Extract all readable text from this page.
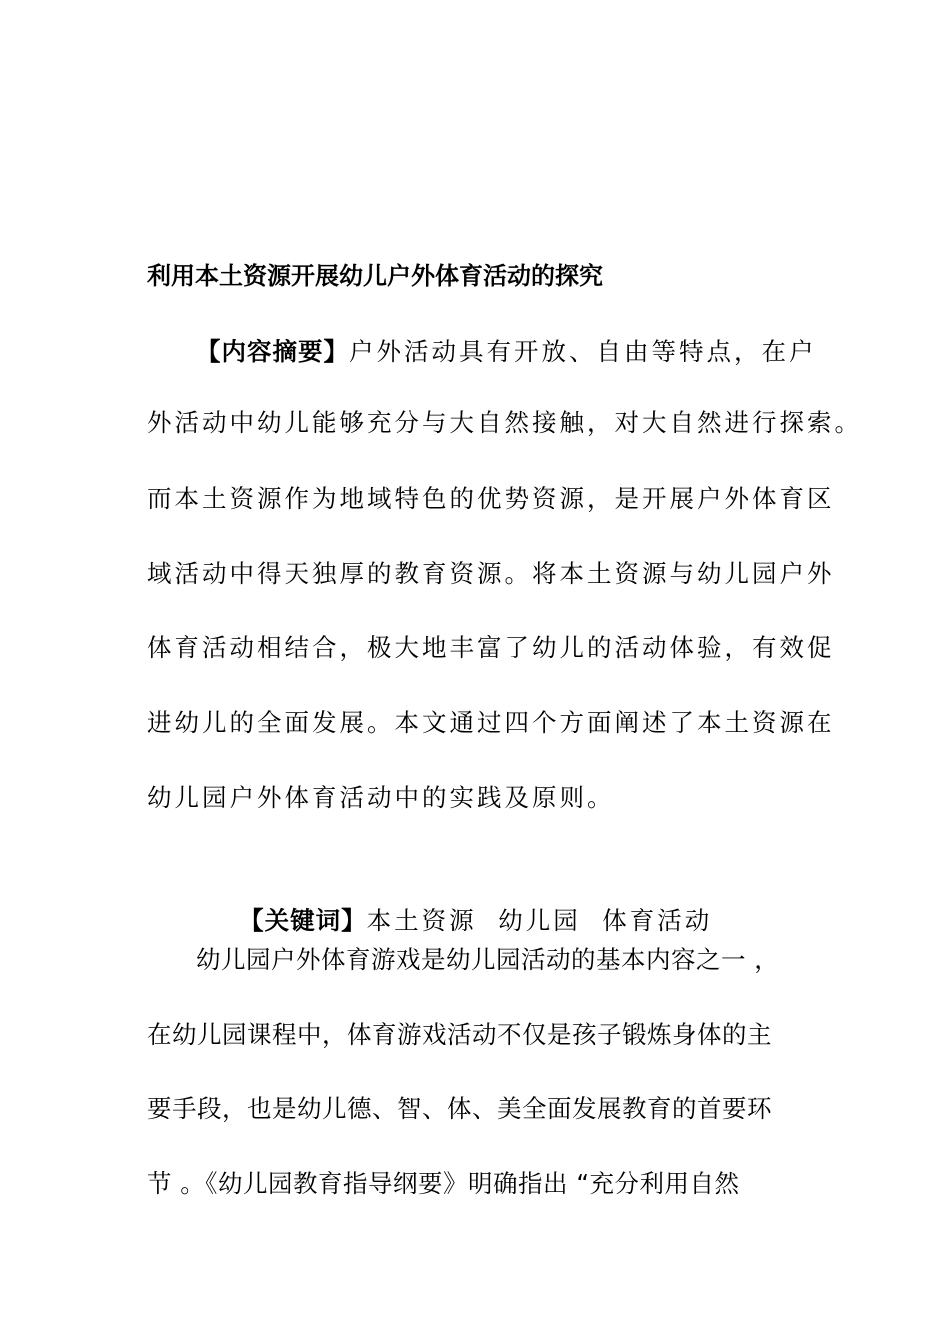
利用本土资源开展幼儿户外体育活动的探究
【内容摘要】户外活动具有开放、自由等特点，在户
外活动中幼儿能够充分与大自然接触，对大自然进行探索。
而本土资源作为地域特色的优势资源，是开展户外体育区
域活动中得天独厚的教育资源。将本土资源与幼儿园户外
体育活动相结合，极大地丰富了幼儿的活动体验，有效促
进幼儿的全面发展。本文通过四个方面阐述了本土资源在
幼儿园户外体育活动中的实践及原则。

【关键词】本土资源  幼儿园  体育活动

幼儿园户外体育游戏是幼儿园活动的基本内容之一 ，
在幼儿园课程中，体育游戏活动不仅是孩子锻炼身体的主
要手段，也是幼儿德、智、体、美全面发展教育的首要环
节 。《幼儿园教育指导纲要》明确指出 “充分利用自然
